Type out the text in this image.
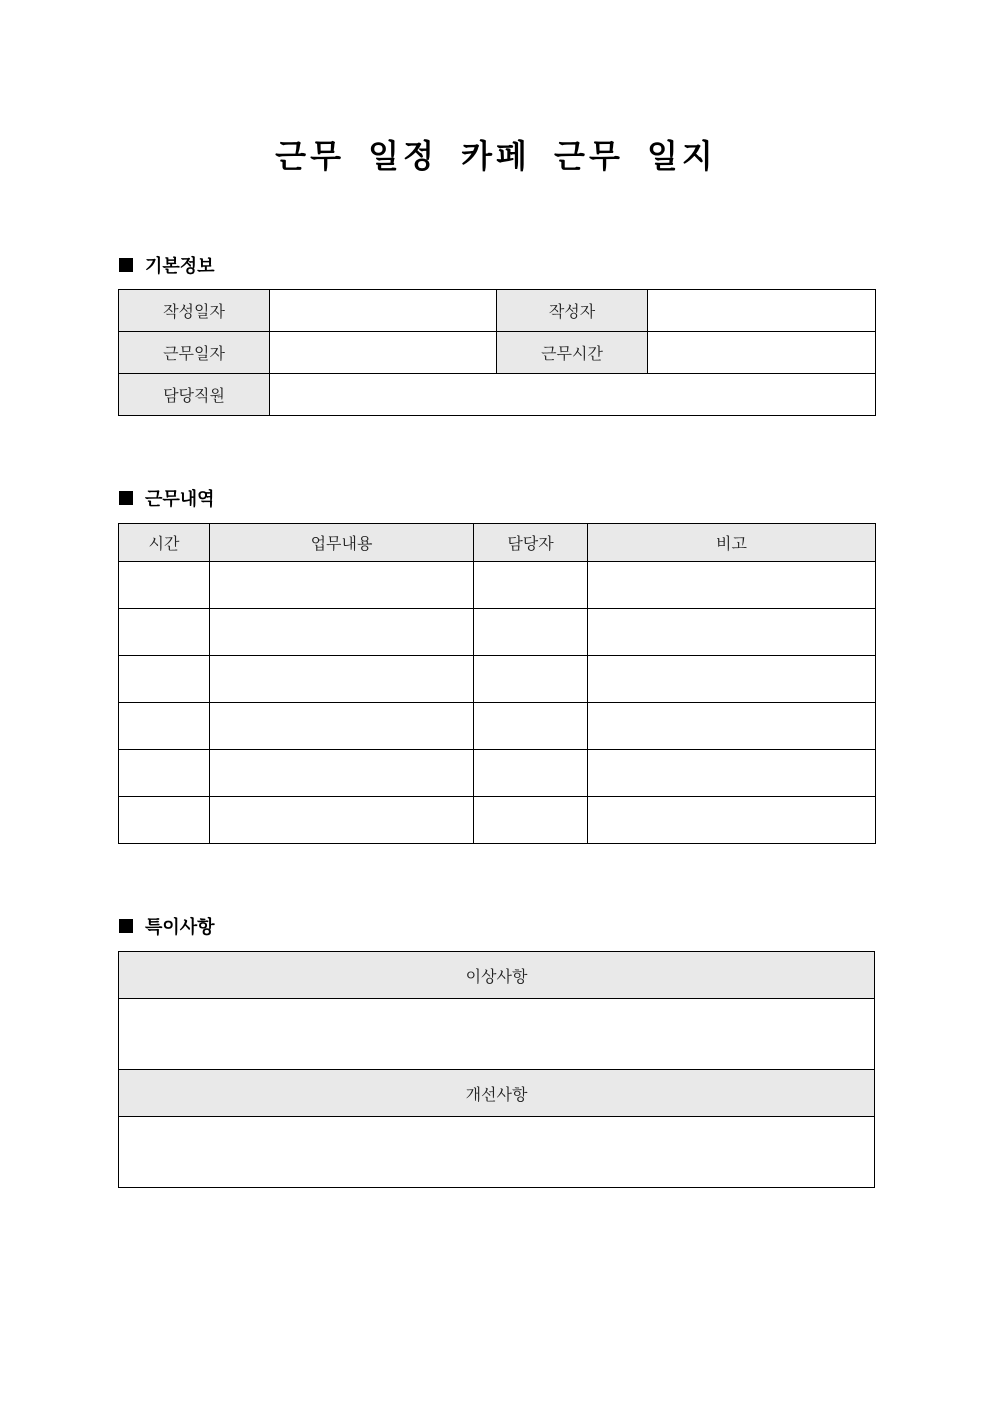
근무 일정 카페 근무 일지
기본정보
작성일자		작성자	
근무일자		근무시간	
담당직원			
근무내역
시간	업무내용	담당자	비고

특이사항
이상사항

개선사항
